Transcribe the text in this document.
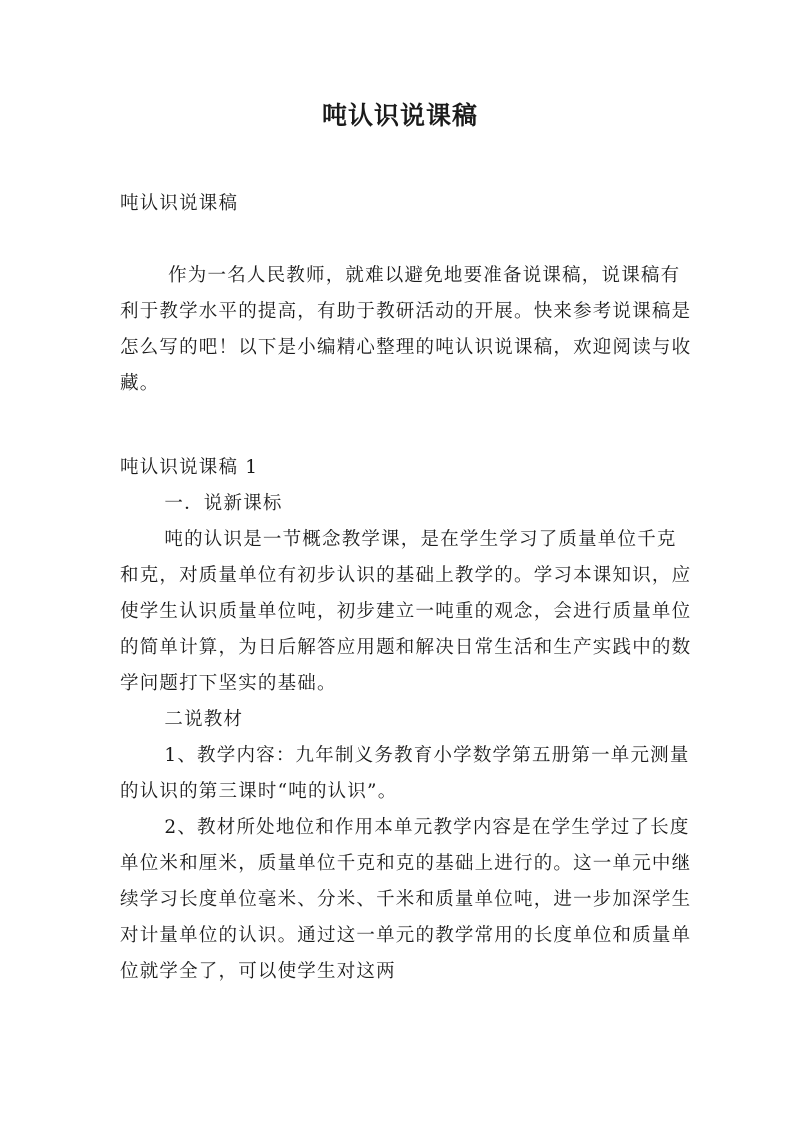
吨认识说课稿

吨认识说课稿

作为一名人民教师，就难以避免地要准备说课稿，说课稿有利于教学水平的提高，有助于教研活动的开展。快来参考说课稿是怎么写的吧！以下是小编精心整理的吨认识说课稿，欢迎阅读与收藏。

吨认识说课稿 1

一．说新课标

吨的认识是一节概念教学课，是在学生学习了质量单位千克和克，对质量单位有初步认识的基础上教学的。学习本课知识，应使学生认识质量单位吨，初步建立一吨重的观念，会进行质量单位的简单计算，为日后解答应用题和解决日常生活和生产实践中的数学问题打下坚实的基础。

二说教材

1、教学内容：九年制义务教育小学数学第五册第一单元测量的认识的第三课时“吨的认识”。

2、教材所处地位和作用本单元教学内容是在学生学过了长度单位米和厘米，质量单位千克和克的基础上进行的。这一单元中继续学习长度单位毫米、分米、千米和质量单位吨，进一步加深学生对计量单位的认识。通过这一单元的教学常用的长度单位和质量单位就学全了，可以使学生对这两
